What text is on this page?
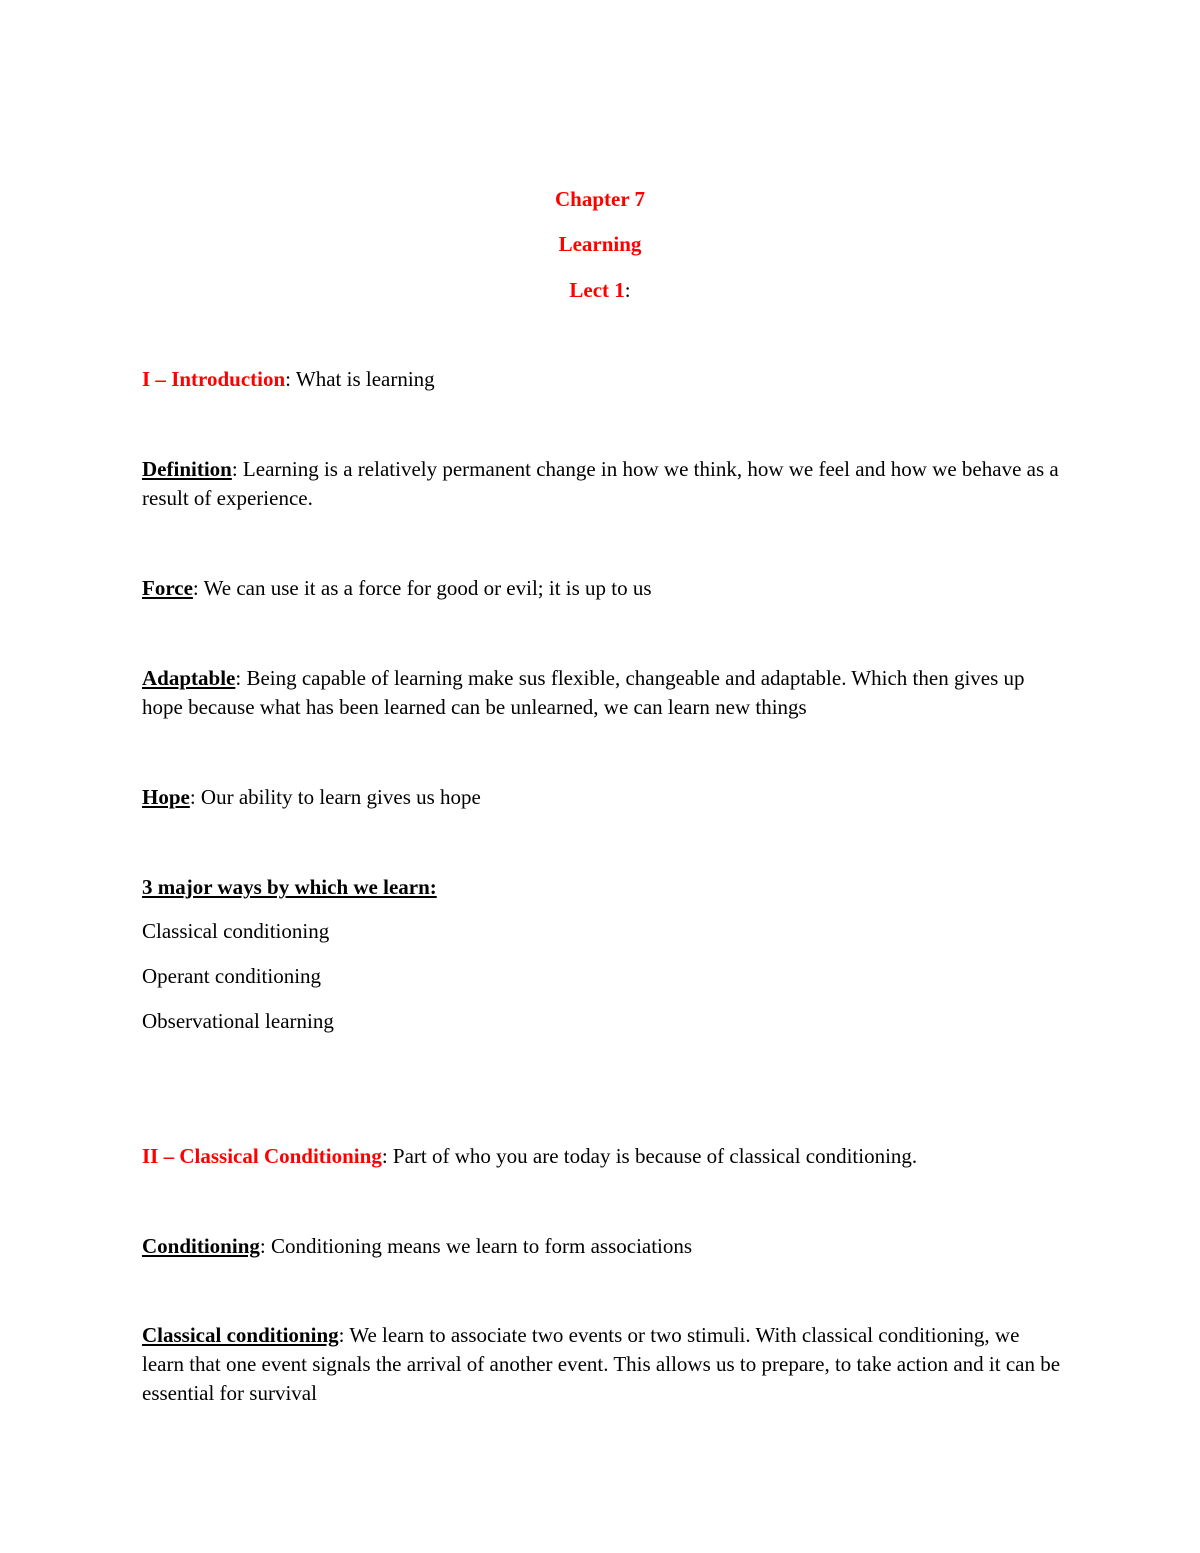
Chapter 7
Learning
Lect 1:
I – Introduction: What is learning
Definition: Learning is a relatively permanent change in how we think, how we feel and how we behave as a result of experience.
Force: We can use it as a force for good or evil; it is up to us
Adaptable: Being capable of learning make sus flexible, changeable and adaptable. Which then gives up hope because what has been learned can be unlearned, we can learn new things
Hope: Our ability to learn gives us hope
3 major ways by which we learn:
Classical conditioning
Operant conditioning
Observational learning
II – Classical Conditioning: Part of who you are today is because of classical conditioning.
Conditioning: Conditioning means we learn to form associations
Classical conditioning: We learn to associate two events or two stimuli. With classical conditioning, we learn that one event signals the arrival of another event. This allows us to prepare, to take action and it can be essential for survival
